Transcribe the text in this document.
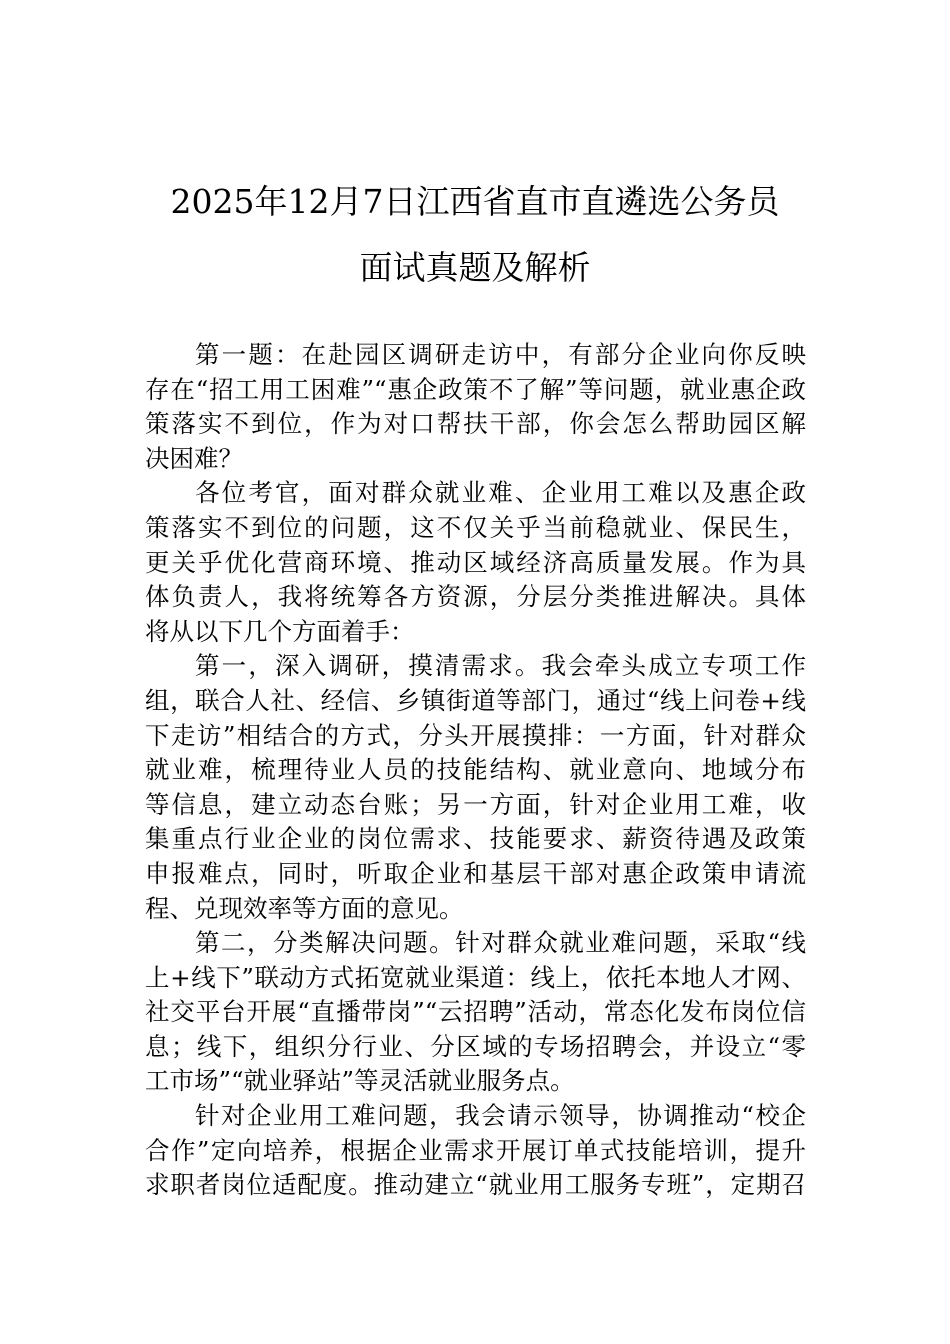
2025年12月7日江西省直市直遴选公务员
面试真题及解析
第一题：在赴园区调研走访中，有部分企业向你反映
存在“招工用工困难”“惠企政策不了解”等问题，就业惠企政
策落实不到位，作为对口帮扶干部，你会怎么帮助园区解
决困难？
各位考官，面对群众就业难、企业用工难以及惠企政
策落实不到位的问题，这不仅关乎当前稳就业、保民生，
更关乎优化营商环境、推动区域经济高质量发展。作为具
体负责人，我将统筹各方资源，分层分类推进解决。具体
将从以下几个方面着手：
第一，深入调研，摸清需求。我会牵头成立专项工作
组，联合人社、经信、乡镇街道等部门，通过“线上问卷+线
下走访”相结合的方式，分头开展摸排：一方面，针对群众
就业难，梳理待业人员的技能结构、就业意向、地域分布
等信息，建立动态台账；另一方面，针对企业用工难，收
集重点行业企业的岗位需求、技能要求、薪资待遇及政策
申报难点，同时，听取企业和基层干部对惠企政策申请流
程、兑现效率等方面的意见。
第二，分类解决问题。针对群众就业难问题，采取“线
上+线下”联动方式拓宽就业渠道：线上，依托本地人才网、
社交平台开展“直播带岗”“云招聘”活动，常态化发布岗位信
息；线下，组织分行业、分区域的专场招聘会，并设立“零
工市场”“就业驿站”等灵活就业服务点。
针对企业用工难问题，我会请示领导，协调推动“校企
合作”定向培养，根据企业需求开展订单式技能培训，提升
求职者岗位适配度。推动建立“就业用工服务专班”，定期召
